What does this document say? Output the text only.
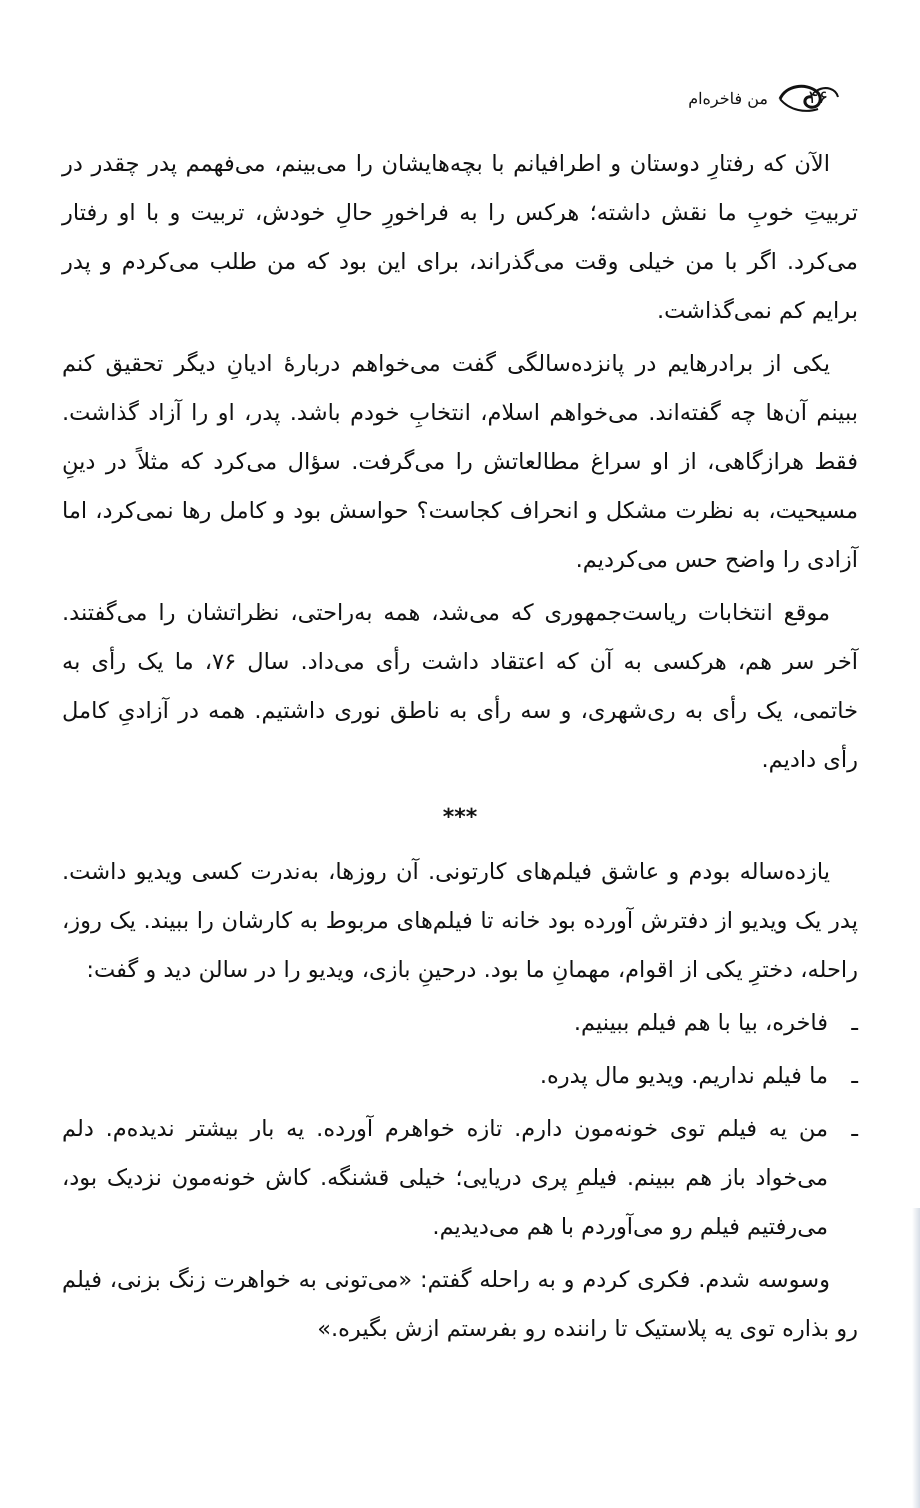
۴۶
من فاخره‌ام

الآن که رفتارِ دوستان و اطرافیانم با بچه‌هایشان را می‌بینم، می‌فهمم پدر چقدر در تربیتِ خوبِ ما نقش داشته؛ هرکس را به فراخورِ حالِ خودش، تربیت و با او رفتار می‌کرد. اگر با من خیلی وقت می‌گذراند، برای این بود که من طلب می‌کردم و پدر برایم کم نمی‌گذاشت.

یکی از برادرهایم در پانزده‌سالگی گفت می‌خواهم دربارهٔ ادیانِ دیگر تحقیق کنم ببینم آن‌ها چه گفته‌اند. می‌خواهم اسلام، انتخابِ خودم باشد. پدر، او را آزاد گذاشت. فقط هرازگاهی، از او سراغ مطالعاتش را می‌گرفت. سؤال می‌کرد که مثلاً در دینِ مسیحیت، به نظرت مشکل و انحراف کجاست؟ حواسش بود و کامل رها نمی‌کرد، اما آزادی را واضح حس می‌کردیم.

موقع انتخابات ریاست‌جمهوری که می‌شد، همه به‌راحتی، نظراتشان را می‌گفتند. آخر سر هم، هرکسی به آن که اعتقاد داشت رأی می‌داد. سال ۷۶، ما یک رأی به خاتمی، یک رأی به ری‌شهری، و سه رأی به ناطق نوری داشتیم. همه در آزادیِ کامل رأی دادیم.

***

یازده‌ساله بودم و عاشق فیلم‌های کارتونی. آن روزها، به‌ندرت کسی ویدیو داشت. پدر یک ویدیو از دفترش آورده بود خانه تا فیلم‌های مربوط به کارشان را ببیند. یک روز، راحله، دخترِ یکی از اقوام، مهمانِ ما بود. درحینِ بازی، ویدیو را در سالن دید و گفت:

ـ
فاخره، بیا با هم فیلم ببینیم.

ـ
ما فیلم نداریم. ویدیو مال پدره.

ـ
من یه فیلم توی خونه‌مون دارم. تازه خواهرم آورده. یه بار بیشتر ندیده‌م. دلم می‌خواد باز هم ببینم. فیلمِ پری دریایی؛ خیلی قشنگه. کاش خونه‌مون نزدیک بود، می‌رفتیم فیلم رو می‌آوردم با هم می‌دیدیم.

وسوسه شدم. فکری کردم و به راحله گفتم: «می‌تونی به خواهرت زنگ بزنی، فیلم رو بذاره توی یه پلاستیک تا راننده رو بفرستم ازش بگیره.»
